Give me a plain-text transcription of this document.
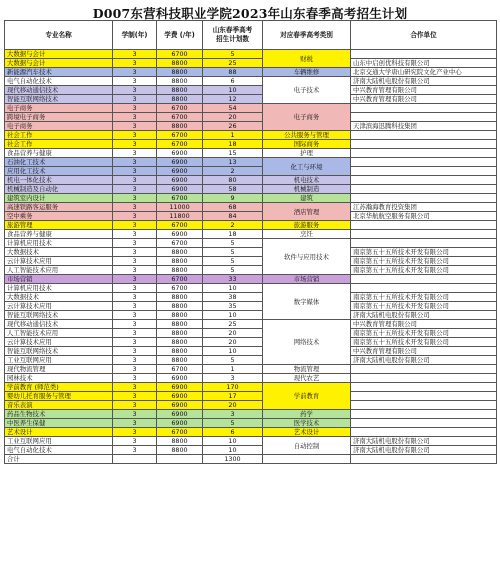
D007东营科技职业学院2023年山东春季高考招生计划
专业名称	学制(年)	学费 (/年)	山东春季高考
招生计划数	对应春季高考类别	合作单位
大数据与会计	3	6700	5	财税	
大数据与会计	3	8800	25		山东中启创优科技有限公司
新能源汽车技术	3	8800	88	车辆维修	北京交通大学唐山研究院文化产业中心
电气自动化技术	3	8800	6	电子技术	济南大陆机电股份有限公司
现代移动通信技术	3	8800	10		中兴教育管理有限公司
智能互联网络技术	3	8800	12		中兴教育管理有限公司
电子商务	3	6700	54	电子商务	
跨境电子商务	3	6700	20		
电子商务	3	8800	26		天津滨海迅腾科技集团
社会工作	3	6700	1	公共服务与管理	
社会工作	3	6700	18	国际商务	
食品营养与健康	3	6900	15	护理	
石油化工技术	3	6900	13	化工与环境	
应用化工技术	3	6900	2		
机电一体化技术	3	6900	80	机电技术	
机械制造及自动化	3	6900	58	机械制造	
建筑室内设计	3	6700	9	建筑	
高速铁路客运服务	3	11000	68	酒店管理	江苏瀚海教育投资集团
空中乘务	3	11800	84		北京华航航空服务有限公司
旅游管理	3	6700	2	旅游服务	
食品营养与健康	3	6900	18	烹饪	
计算机应用技术	3	6700	5	软件与应用技术	
大数据技术	3	8800	5		南京第五十五所技术开发有限公司
云计算技术应用	3	8800	5		南京第五十五所技术开发有限公司
人工智能技术应用	3	8800	5		南京第五十五所技术开发有限公司
市场营销	3	6700	33	市场营销	
计算机应用技术	3	6700	10	数字媒体	
大数据技术	3	8800	38		南京第五十五所技术开发有限公司
云计算技术应用	3	8800	35		南京第五十五所技术开发有限公司
智能互联网络技术	3	8800	10		济南大陆机电股份有限公司
现代移动通信技术	3	8800	25	网络技术	中兴教育管理有限公司
人工智能技术应用	3	8800	20		南京第五十五所技术开发有限公司
云计算技术应用	3	8800	20		南京第五十五所技术开发有限公司
智能互联网络技术	3	8800	10		中兴教育管理有限公司
工业互联网应用	3	8800	5		济南大陆机电股份有限公司
现代物流管理	3	6700	1	物流管理	
园林技术	3	6900	3	现代农艺	
学前教育 (师范类)	3	6900	170	学前教育	
婴幼儿托育服务与管理	3	6900	17		
音乐表演	3	6900	20		
药品生物技术	3	6900	3	药学	
中医养生保健	3	6900	5	医学技术	
艺术设计	3	6700	6	艺术设计	
工业互联网应用	3	8800	10	自动控制	济南大陆机电股份有限公司
电气自动化技术	3	8800	10		济南大陆机电股份有限公司
合计			1300		
